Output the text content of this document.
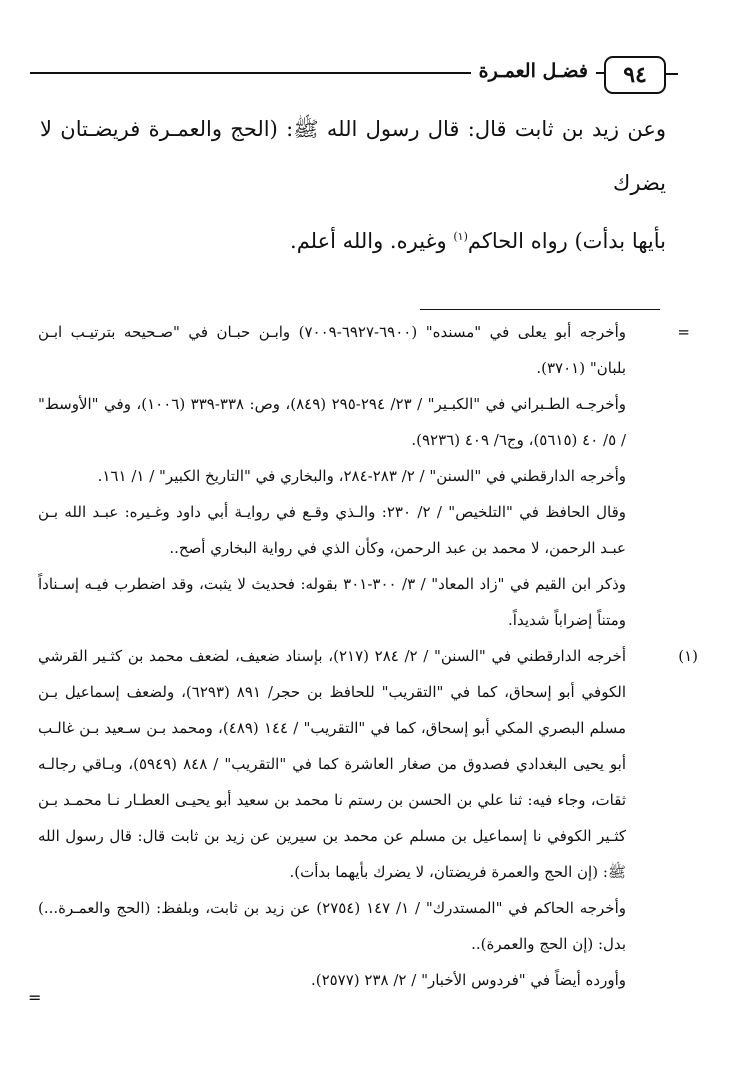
٩٤
فضـل العمـرة

وعن زيد بن ثابت قال: قال رسول الله ﷺ: (الحج والعمـرة فريضـتان لا يضرك

بأيها بدأت) رواه الحاكم$^{(١)}$ وغيره. والله أعلم.

=
وأخرجه أبو يعلى في "مسنده" (٦٩٠٠-٦٩٢٧-٧٠٠٩) وابـن حبـان في "صـحيحه بترتيـب ابـن بلبان" (٣٧٠١).

وأخرجـه الطـبراني في "الكبـير" / ٢٣/ ٢٩٤-٢٩٥ (٨٤٩)، وص: ٣٣٨-٣٣٩ (١٠٠٦)، وفي "الأوسط" / ٥/ ٤٠ (٥٦١٥)، وج٦/ ٤٠٩ (٩٢٣٦).

وأخرجه الدارقطني في "السنن" / ٢/ ٢٨٣-٢٨٤، والبخاري في "التاريخ الكبير" / ١/ ١٦١.

وقال الحافظ في "التلخيص" / ٢/ ٢٣٠: والـذي وقـع في روايـة أبي داود وغـيره: عبـد الله بـن عبـد الرحمن، لا محمد بن عبد الرحمن، وكأن الذي في رواية البخاري أصح..

وذكر ابن القيم في "زاد المعاد" / ٣/ ٣٠٠-٣٠١ بقوله: فحديث لا يثبت، وقد اضطرب فيـه إسـناداً ومتناً إضراباً شديداً.

(١)
أخرجه الدارقطني في "السنن" / ٢/ ٢٨٤ (٢١٧)، بإسناد ضعيف، لضعف محمد بن كثـير القرشي الكوفي أبو إسحاق، كما في "التقريب" للحافظ بن حجر/ ٨٩١ (٦٢٩٣)، ولضعف إسماعيل بـن مسلم البصري المكي أبو إسحاق، كما في "التقريب" / ١٤٤ (٤٨٩)، ومحمد بـن سـعيد بـن غالـب أبو يحيى البغدادي فصدوق من صغار العاشرة كما في "التقريب" / ٨٤٨ (٥٩٤٩)، وبـاقي رجالـه ثقات، وجاء فيه: ثنا علي بن الحسن بن رستم نا محمد بن سعيد أبو يحيـى العطـار نـا محمـد بـن كثـير الكوفي نا إسماعيل بن مسلم عن محمد بن سيرين عن زيد بن ثابت قال: قال رسول الله ﷺ: (إن الحج والعمرة فريضتان، لا يضرك بأيهما بدأت).

وأخرجه الحاكم في "المستدرك" / ١/ ١٤٧ (٢٧٥٤) عن زيد بن ثابت، وبلفظ: (الحج والعمـرة...) بدل: (إن الحج والعمرة)..

وأورده أيضاً في "فردوس الأخبار" / ٢/ ٢٣٨ (٢٥٧٧).

=
